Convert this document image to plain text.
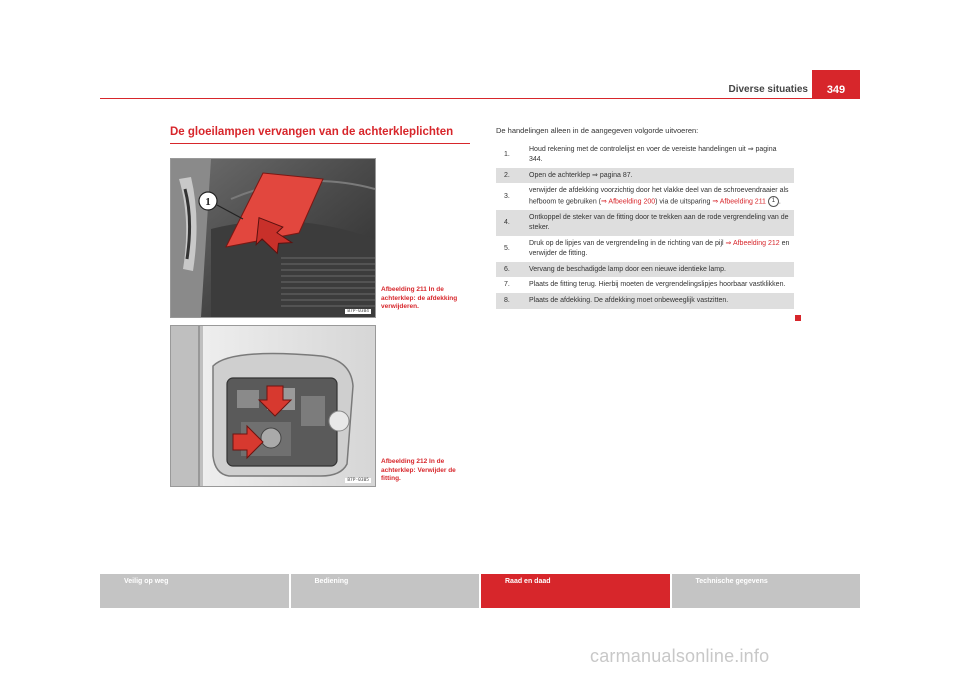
Diverse situaties	349
De gloeilampen vervangen van de achterkleplichten
1
B7P-0304
Afbeelding 211 In de achterklep: de afdekking verwijderen.
B7P-0305
Afbeelding 212 In de achterklep: Verwijder de fitting.
De handelingen alleen in de aangegeven volgorde uitvoeren:
1.	Houd rekening met de controlelijst en voer de vereiste handelingen uit ⇒ pagina 344.
2.	Open de achterklep ⇒ pagina 87.
3.	verwijder de afdekking voorzichtig door het vlakke deel van de schroevendraaier als hefboom te gebruiken (⇒ Afbeelding 200) via de uitsparing ⇒ Afbeelding 211 1 .
4.	Ontkoppel de steker van de fitting door te trekken aan de rode vergrendeling van de steker.
5.	Druk op de lipjes van de vergrendeling in de richting van de pijl ⇒ Afbeelding 212 en verwijder de fitting.
6.	Vervang de beschadigde lamp door een nieuwe identieke lamp.
7.	Plaats de fitting terug. Hierbij moeten de vergrendelingslipjes hoorbaar vastklikken.
8.	Plaats de afdekking. De afdekking moet onbeweeglijk vastzitten.
Veilig op weg	Bediening	Raad en daad	Technische gegevens
carmanualsonline.info
